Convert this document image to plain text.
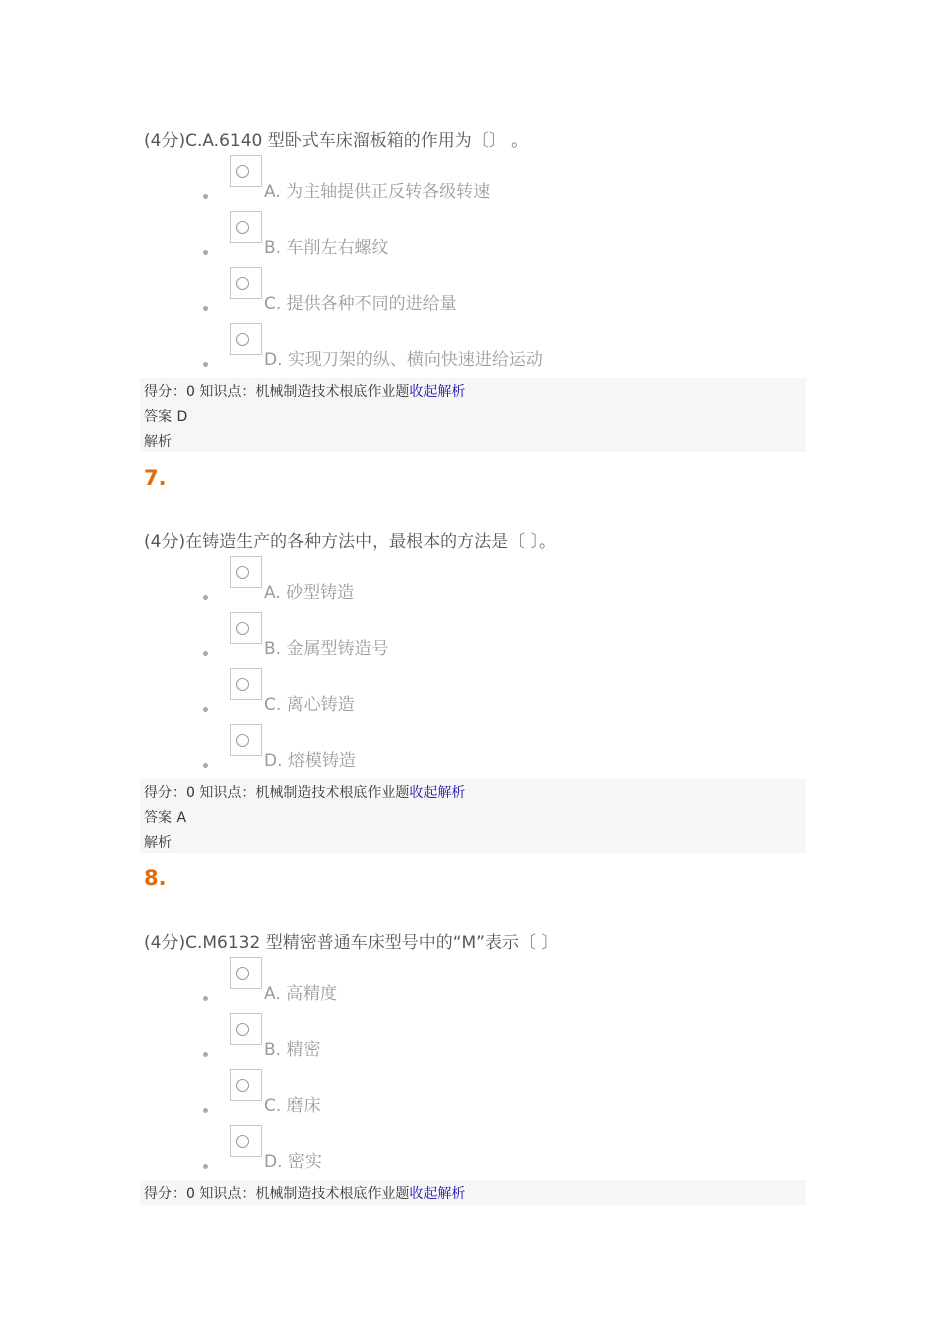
(4分)C.A.6140 型卧式车床溜板箱的作用为〔〕 。
A. 为主轴提供正反转各级转速
B. 车削左右螺纹
C. 提供各种不同的进给量
D. 实现刀架的纵、横向快速进给运动
得分：0 知识点：机械制造技术根底作业题收起解析
答案 D
解析
7.
(4分)在铸造生产的各种方法中，最根本的方法是〔 〕。
A. 砂型铸造
B. 金属型铸造号
C. 离心铸造
D. 熔模铸造
得分：0 知识点：机械制造技术根底作业题收起解析
答案 A
解析
8.
(4分)C.M6132 型精密普通车床型号中的“M”表示〔 〕
A. 高精度
B. 精密
C. 磨床
D. 密实
得分：0 知识点：机械制造技术根底作业题收起解析
